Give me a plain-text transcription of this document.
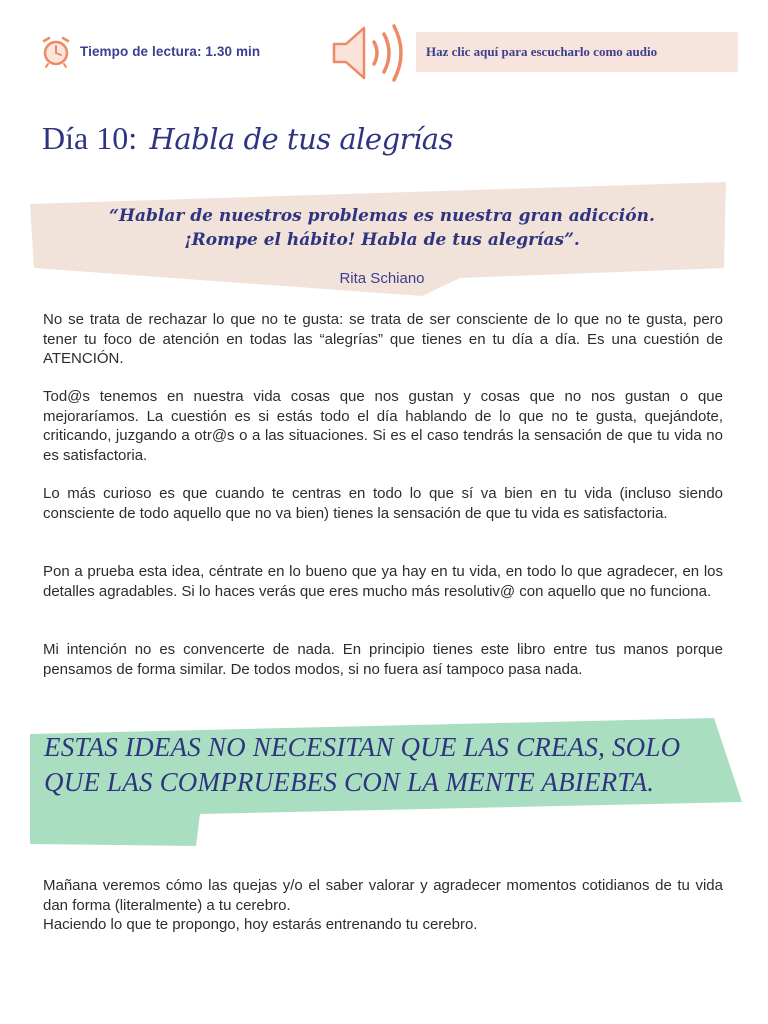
Tiempo de lectura: 1.30 min	Haz clic aquí para escucharlo como audio
Día 10: Habla de tus alegrías
“Hablar de nuestros problemas es nuestra gran adicción.
¡Rompe el hábito! Habla de tus alegrías”.
Rita Schiano
No se trata de rechazar lo que no te gusta: se trata de ser consciente de lo que no te gusta, pero tener tu foco de atención en todas las “alegrías” que tienes en tu día a día. Es una cuestión de ATENCIÓN.
Tod@s tenemos en nuestra vida cosas que nos gustan y cosas que no nos gustan o que mejoraríamos. La cuestión es si estás todo el día hablando de lo que no te gusta, quejándote, criticando, juzgando a otr@s o a las situaciones. Si es el caso tendrás la sensación de que tu vida no es satisfactoria.
Lo más curioso es que cuando te centras en todo lo que sí va bien en tu vida (incluso siendo consciente de todo aquello que no va bien) tienes la sensación de que tu vida es satisfactoria.
Pon a prueba esta idea, céntrate en lo bueno que ya hay en tu vida, en todo lo que agradecer, en los detalles agradables. Si lo haces verás que eres mucho más resolutiv@ con aquello que no funciona.
Mi intención no es convencerte de nada. En principio tienes este libro entre tus manos porque pensamos de forma similar. De todos modos, si no fuera así tampoco pasa nada.
ESTAS IDEAS NO NECESITAN QUE LAS CREAS, SOLO QUE LAS COMPRUEBES CON LA MENTE ABIERTA.
Mañana veremos cómo las quejas y/o el saber valorar y agradecer momentos cotidianos de tu vida dan forma (literalmente) a tu cerebro.
Haciendo lo que te propongo, hoy estarás entrenando tu cerebro.
